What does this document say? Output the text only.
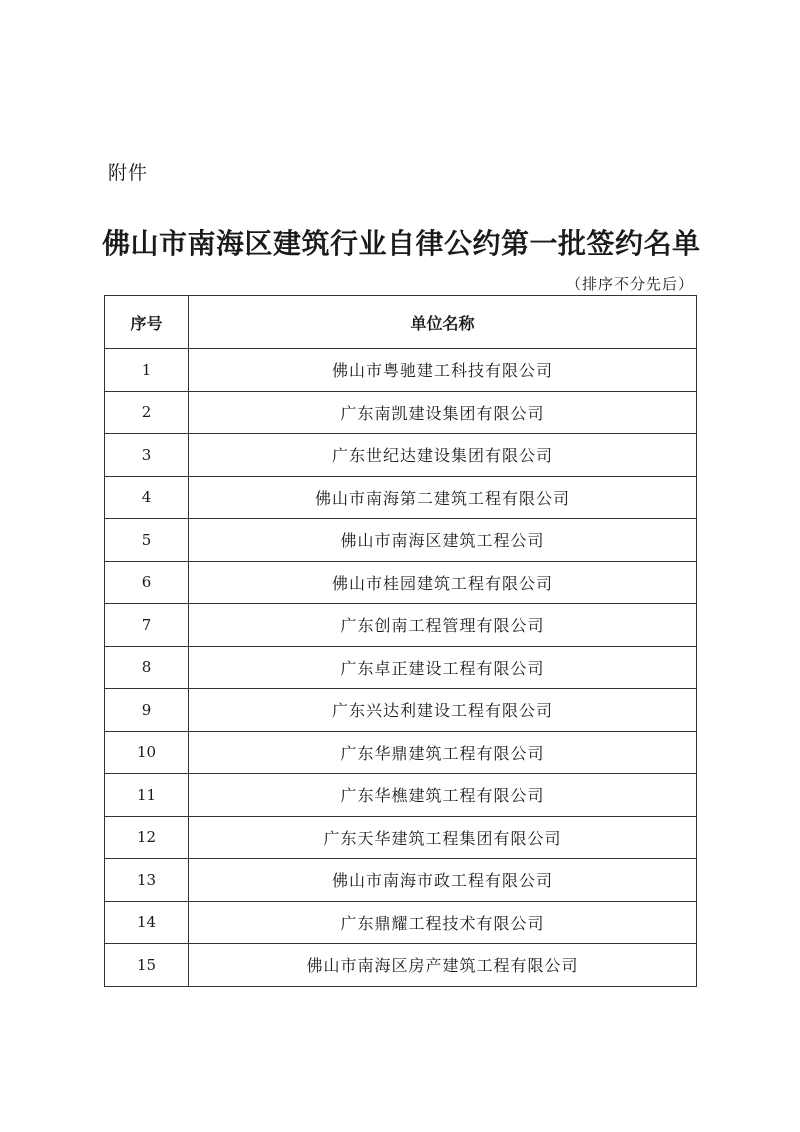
附件
佛山市南海区建筑行业自律公约第一批签约名单
（排序不分先后）
序号	单位名称
1	佛山市粤驰建工科技有限公司
2	广东南凯建设集团有限公司
3	广东世纪达建设集团有限公司
4	佛山市南海第二建筑工程有限公司
5	佛山市南海区建筑工程公司
6	佛山市桂园建筑工程有限公司
7	广东创南工程管理有限公司
8	广东卓正建设工程有限公司
9	广东兴达利建设工程有限公司
10	广东华鼎建筑工程有限公司
11	广东华樵建筑工程有限公司
12	广东天华建筑工程集团有限公司
13	佛山市南海市政工程有限公司
14	广东鼎耀工程技术有限公司
15	佛山市南海区房产建筑工程有限公司
